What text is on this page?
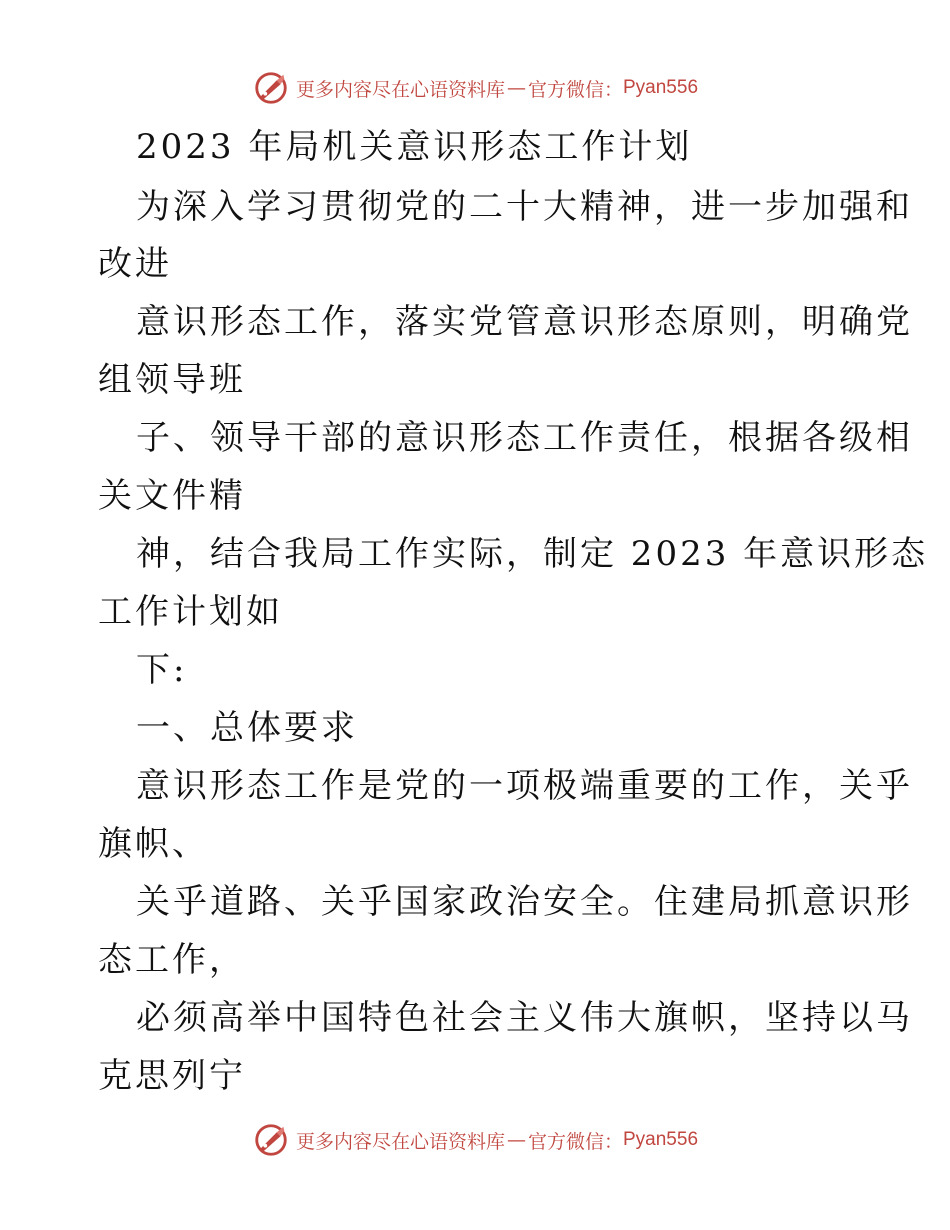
更多内容尽在心语资料库 — 官方微信： Pyan556
2023 年局机关意识形态工作计划
为深入学习贯彻党的二十大精神，进一步加强和
改进
意识形态工作，落实党管意识形态原则，明确党
组领导班
子、领导干部的意识形态工作责任，根据各级相
关文件精
神，结合我局工作实际，制定 2023 年意识形态
工作计划如
下:
一、总体要求
意识形态工作是党的一项极端重要的工作，关乎
旗帜、
关乎道路、关乎国家政治安全。住建局抓意识形
态工作，
必须高举中国特色社会主义伟大旗帜，坚持以马
克思列宁
更多内容尽在心语资料库 — 官方微信： Pyan556
